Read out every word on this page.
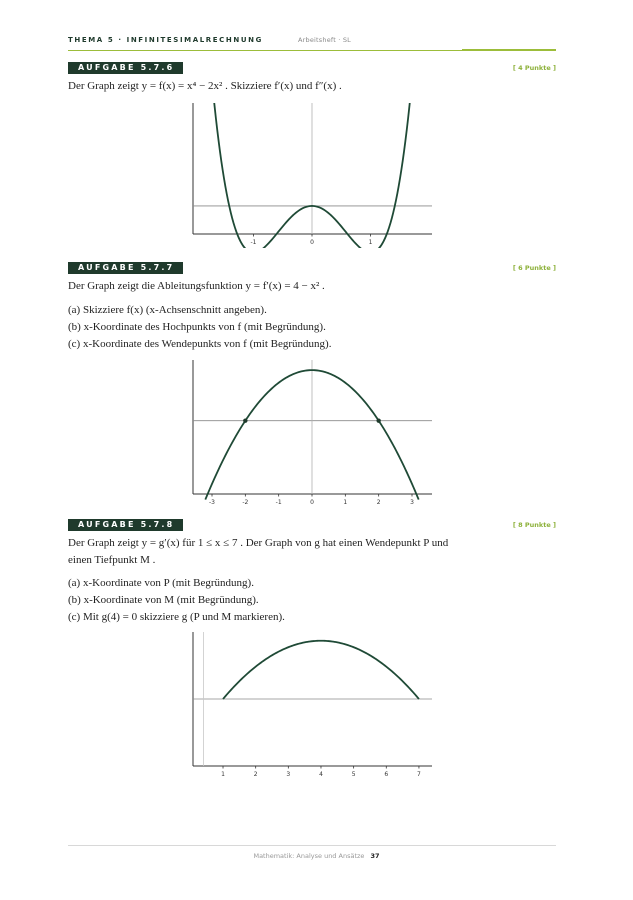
THEMA 5 · INFINITESIMALRECHNUNG	Arbeitsheft · SL
AUFGABE 5.7.6	[ 4 Punkte ]
Der Graph zeigt y = f(x) = x⁴ − 2x² . Skizziere f′(x) und f″(x) .
-1	0	1
AUFGABE 5.7.7	[ 6 Punkte ]
Der Graph zeigt die Ableitungsfunktion y = f′(x) = 4 − x² .
(a) Skizziere f(x) (x-Achsenschnitt angeben).
(b) x-Koordinate des Hochpunkts von f (mit Begründung).
(c) x-Koordinate des Wendepunkts von f (mit Begründung).
-3	-2	-1	0	1	2	3
AUFGABE 5.7.8	[ 8 Punkte ]
Der Graph zeigt y = g′(x) für 1 ≤ x ≤ 7 . Der Graph von g hat einen Wendepunkt P und
einen Tiefpunkt M .
(a) x-Koordinate von P (mit Begründung).
(b) x-Koordinate von M (mit Begründung).
(c) Mit g(4) = 0 skizziere g (P und M markieren).
1	2	3	4	5	6	7
Mathematik: Analyse und Ansätze 37
